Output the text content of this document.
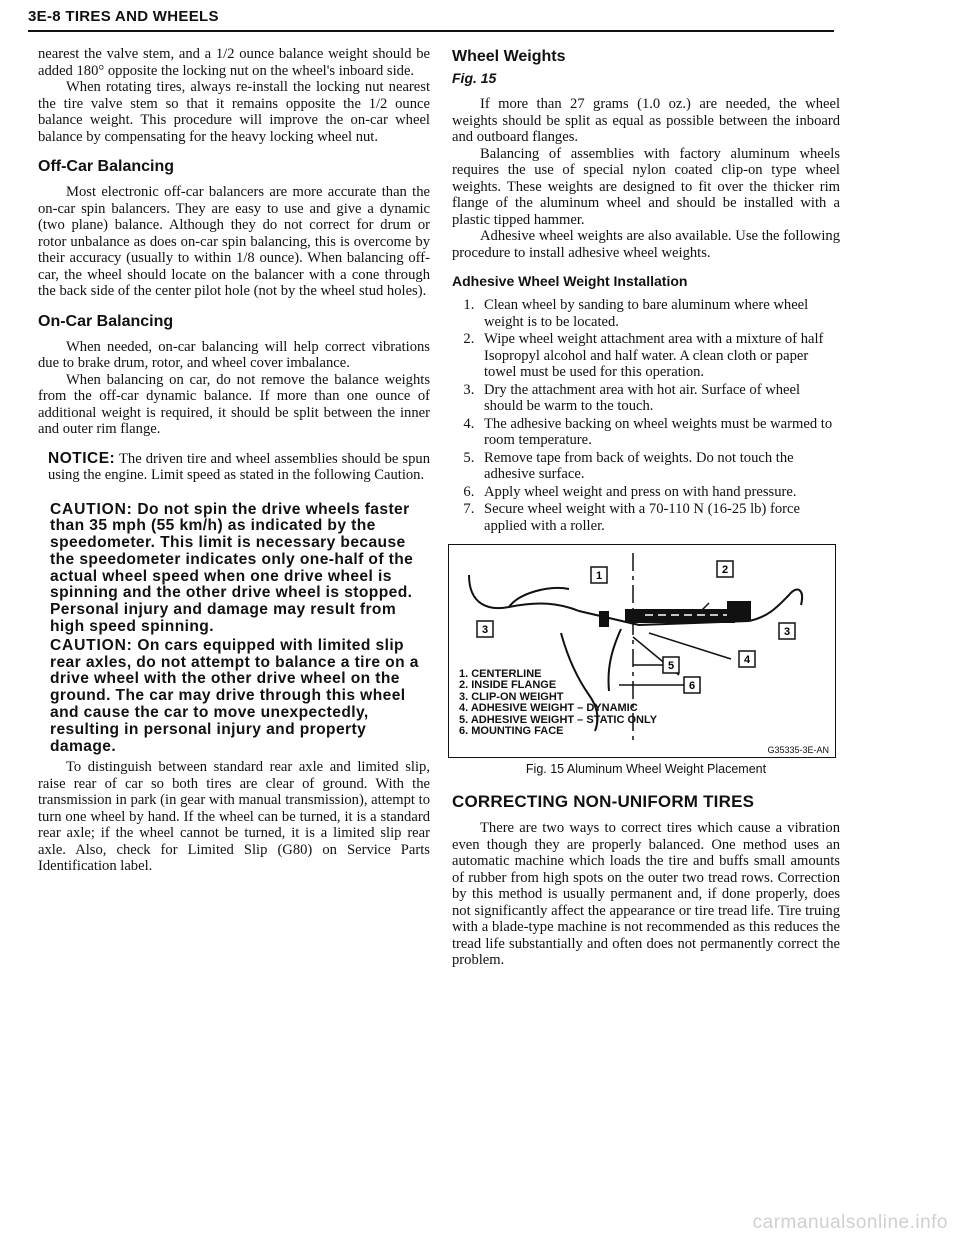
3E-8 TIRES AND WHEELS

nearest the valve stem, and a 1/2 ounce balance weight should be added 180° opposite the locking nut on the wheel's inboard side.

When rotating tires, always re-install the locking nut nearest the tire valve stem so that it remains opposite the 1/2 ounce balance weight. This procedure will improve the on-car wheel balance by compensating for the heavy locking wheel nut.

Off-Car Balancing

Most electronic off-car balancers are more accurate than the on-car spin balancers. They are easy to use and give a dynamic (two plane) balance. Although they do not correct for drum or rotor unbalance as does on-car spin balancing, this is overcome by their accuracy (usually to within 1/8 ounce). When balancing off-car, the wheel should locate on the balancer with a cone through the back side of the center pilot hole (not by the wheel stud holes).

On-Car Balancing

When needed, on-car balancing will help correct vibrations due to brake drum, rotor, and wheel cover imbalance.

When balancing on car, do not remove the balance weights from the off-car dynamic balance. If more than one ounce of additional weight is required, it should be split between the inner and outer rim flange.

NOTICE: The driven tire and wheel assemblies should be spun using the engine. Limit speed as stated in the following Caution.

CAUTION: Do not spin the drive wheels faster than 35 mph (55 km/h) as indicated by the speedometer. This limit is necessary because the speedometer indicates only one-half of the actual wheel speed when one drive wheel is spinning and the other drive wheel is stopped. Personal injury and damage may result from high speed spinning.

CAUTION: On cars equipped with limited slip rear axles, do not attempt to balance a tire on a drive wheel with the other drive wheel on the ground. The car may drive through this wheel and cause the car to move unexpectedly, resulting in personal injury and property damage.

To distinguish between standard rear axle and limited slip, raise rear of car so both tires are clear of ground. With the transmission in park (in gear with manual transmission), attempt to turn one wheel by hand. If the wheel can be turned, it is a standard rear axle; if the wheel cannot be turned, it is a limited slip rear axle. Also, check for Limited Slip (G80) on Service Parts Identification label.

Wheel Weights
Fig. 15

If more than 27 grams (1.0 oz.) are needed, the wheel weights should be split as equal as possible between the inboard and outboard flanges.

Balancing of assemblies with factory aluminum wheels requires the use of special nylon coated clip-on type wheel weights. These weights are designed to fit over the thicker rim flange of the aluminum wheel and should be installed with a plastic tipped hammer.

Adhesive wheel weights are also available. Use the following procedure to install adhesive wheel weights.

Adhesive Wheel Weight Installation
1. Clean wheel by sanding to bare aluminum where wheel weight is to be located.
2. Wipe wheel weight attachment area with a mixture of half Isopropyl alcohol and half water. A clean cloth or paper towel must be used for this operation.
3. Dry the attachment area with hot air. Surface of wheel should be warm to the touch.
4. The adhesive backing on wheel weights must be warmed to room temperature.
5. Remove tape from back of weights. Do not touch the adhesive surface.
6. Apply wheel weight and press on with hand pressure.
7. Secure wheel weight with a 70-110 N (16-25 lb) force applied with a roller.
1	2
3	3
4
5
6
1. CENTERLINE
2. INSIDE FLANGE
3. CLIP-ON WEIGHT
4. ADHESIVE WEIGHT – DYNAMIC
5. ADHESIVE WEIGHT – STATIC ONLY
6. MOUNTING FACE
G35335-3E-AN
Fig. 15 Aluminum Wheel Weight Placement
CORRECTING NON-UNIFORM TIRES

There are two ways to correct tires which cause a vibration even though they are properly balanced. One method uses an automatic machine which loads the tire and buffs small amounts of rubber from high spots on the outer two tread rows. Correction by this method is usually permanent and, if done properly, does not significantly affect the appearance or tire tread life. Tire truing with a blade-type machine is not recommended as this reduces the tread life substantially and often does not permanently correct the problem.

carmanualsonline.info
